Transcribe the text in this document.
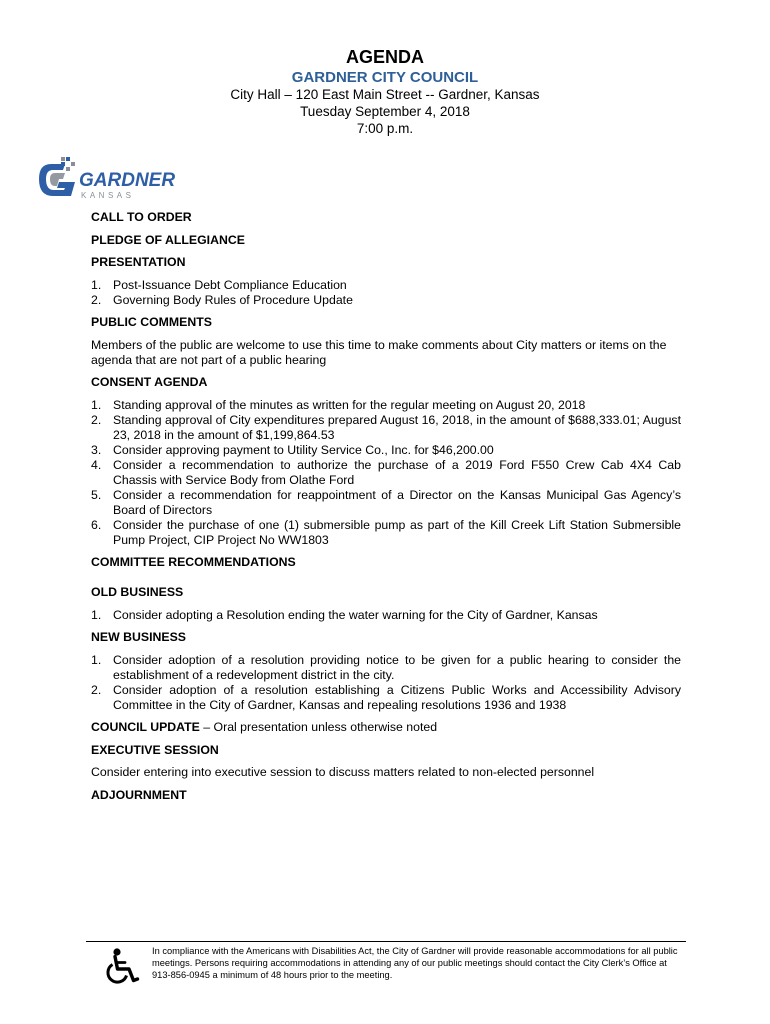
AGENDA
GARDNER CITY COUNCIL
City Hall – 120 East Main Street -- Gardner, Kansas
Tuesday September 4, 2018
7:00 p.m.
GARDNER
KANSAS

CALL TO ORDER

PLEDGE OF ALLEGIANCE

PRESENTATION

1. Post-Issuance Debt Compliance Education
2. Governing Body Rules of Procedure Update

PUBLIC COMMENTS

Members of the public are welcome to use this time to make comments about City matters or items on the agenda that are not part of a public hearing

CONSENT AGENDA

1. Standing approval of the minutes as written for the regular meeting on August 20, 2018
2. Standing approval of City expenditures prepared August 16, 2018, in the amount of $688,333.01; August 23, 2018 in the amount of $1,199,864.53
3. Consider approving payment to Utility Service Co., Inc. for $46,200.00
4. Consider a recommendation to authorize the purchase of a 2019 Ford F550 Crew Cab 4X4 Cab Chassis with Service Body from Olathe Ford
5. Consider a recommendation for reappointment of a Director on the Kansas Municipal Gas Agency’s Board of Directors
6. Consider the purchase of one (1) submersible pump as part of the Kill Creek Lift Station Submersible Pump Project, CIP Project No WW1803

COMMITTEE RECOMMENDATIONS

OLD BUSINESS

1. Consider adopting a Resolution ending the water warning for the City of Gardner, Kansas

NEW BUSINESS

1. Consider adoption of a resolution providing notice to be given for a public hearing to consider the establishment of a redevelopment district in the city.
2. Consider adoption of a resolution establishing a Citizens Public Works and Accessibility Advisory Committee in the City of Gardner, Kansas and repealing resolutions 1936 and 1938

COUNCIL UPDATE – Oral presentation unless otherwise noted

EXECUTIVE SESSION

Consider entering into executive session to discuss matters related to non-elected personnel

ADJOURNMENT

In compliance with the Americans with Disabilities Act, the City of Gardner will provide reasonable accommodations for all public meetings. Persons requiring accommodations in attending any of our public meetings should contact the City Clerk’s Office at 913-856-0945 a minimum of 48 hours prior to the meeting.
